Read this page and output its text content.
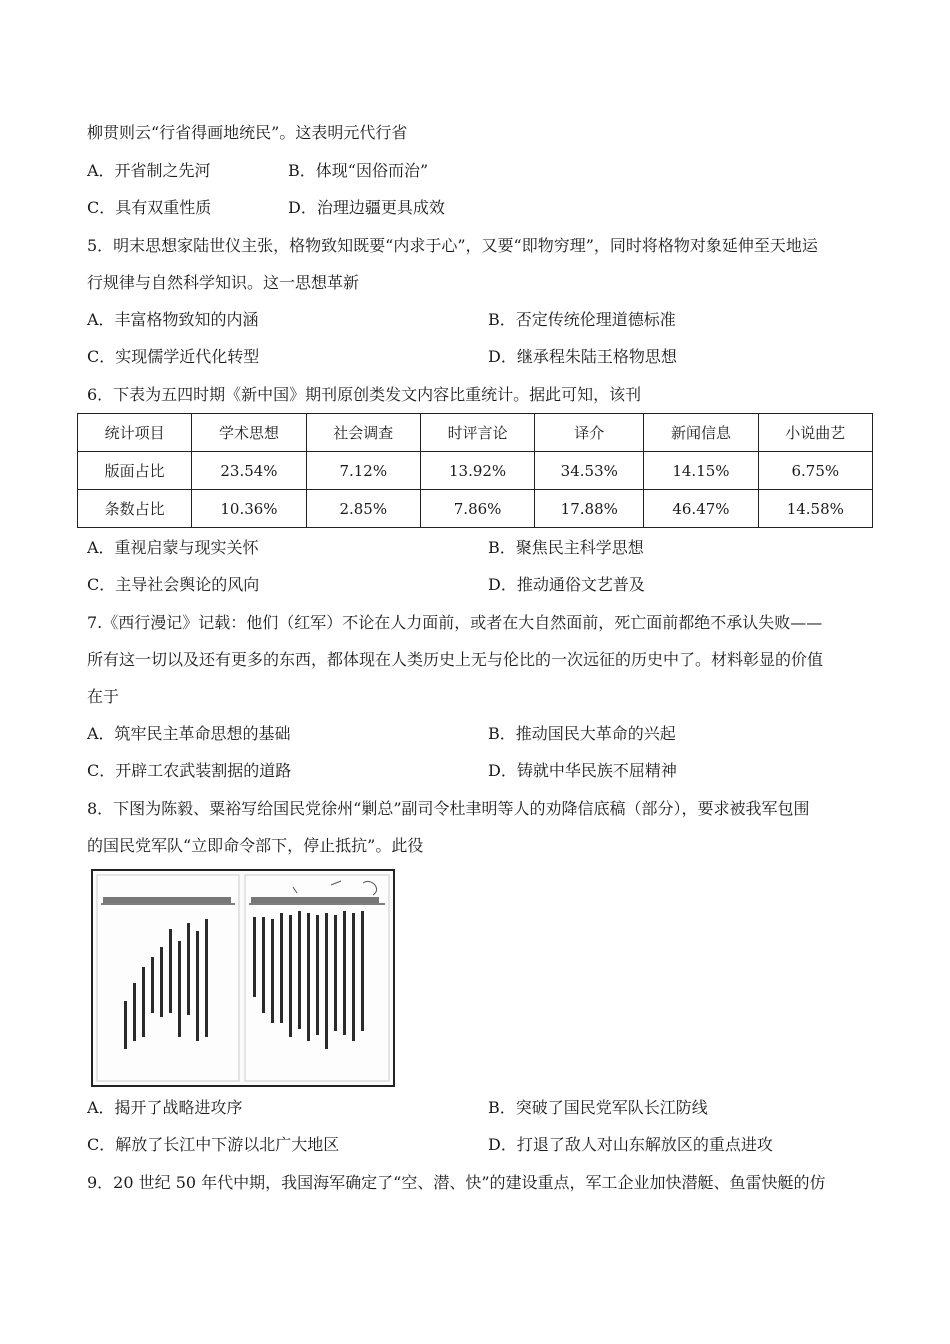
柳贯则云“行省得画地统民”。这表明元代行省
A．开省制之先河	B．体现“因俗而治”
C．具有双重性质	D．治理边疆更具成效
5．明末思想家陆世仪主张，格物致知既要“内求于心”，又要“即物穷理”，同时将格物对象延伸至天地运
行规律与自然科学知识。这一思想革新
A．丰富格物致知的内涵	B．否定传统伦理道德标准
C．实现儒学近代化转型	D．继承程朱陆王格物思想
6．下表为五四时期《新中国》期刊原创类发文内容比重统计。据此可知，该刊
统计项目	学术思想	社会调查	时评言论	译介	新闻信息	小说曲艺
版面占比	23.54%	7.12%	13.92%	34.53%	14.15%	6.75%
条数占比	10.36%	2.85%	7.86%	17.88%	46.47%	14.58%
A．重视启蒙与现实关怀	B．聚焦民主科学思想
C．主导社会舆论的风向	D．推动通俗文艺普及
7.《西行漫记》记载：他们（红军）不论在人力面前，或者在大自然面前，死亡面前都绝不承认失败——
所有这一切以及还有更多的东西，都体现在人类历史上无与伦比的一次远征的历史中了。材料彰显的价值
在于
A．筑牢民主革命思想的基础	B．推动国民大革命的兴起
C．开辟工农武装割据的道路	D．铸就中华民族不屈精神
8．下图为陈毅、粟裕写给国民党徐州“剿总”副司令杜聿明等人的劝降信底稿（部分），要求被我军包围
的国民党军队“立即命令部下，停止抵抗”。此役
A．揭开了战略进攻序	B．突破了国民党军队长江防线
C．解放了长江中下游以北广大地区	D．打退了敌人对山东解放区的重点进攻
9．20 世纪 50 年代中期，我国海军确定了“空、潜、快”的建设重点，军工企业加快潜艇、鱼雷快艇的仿
